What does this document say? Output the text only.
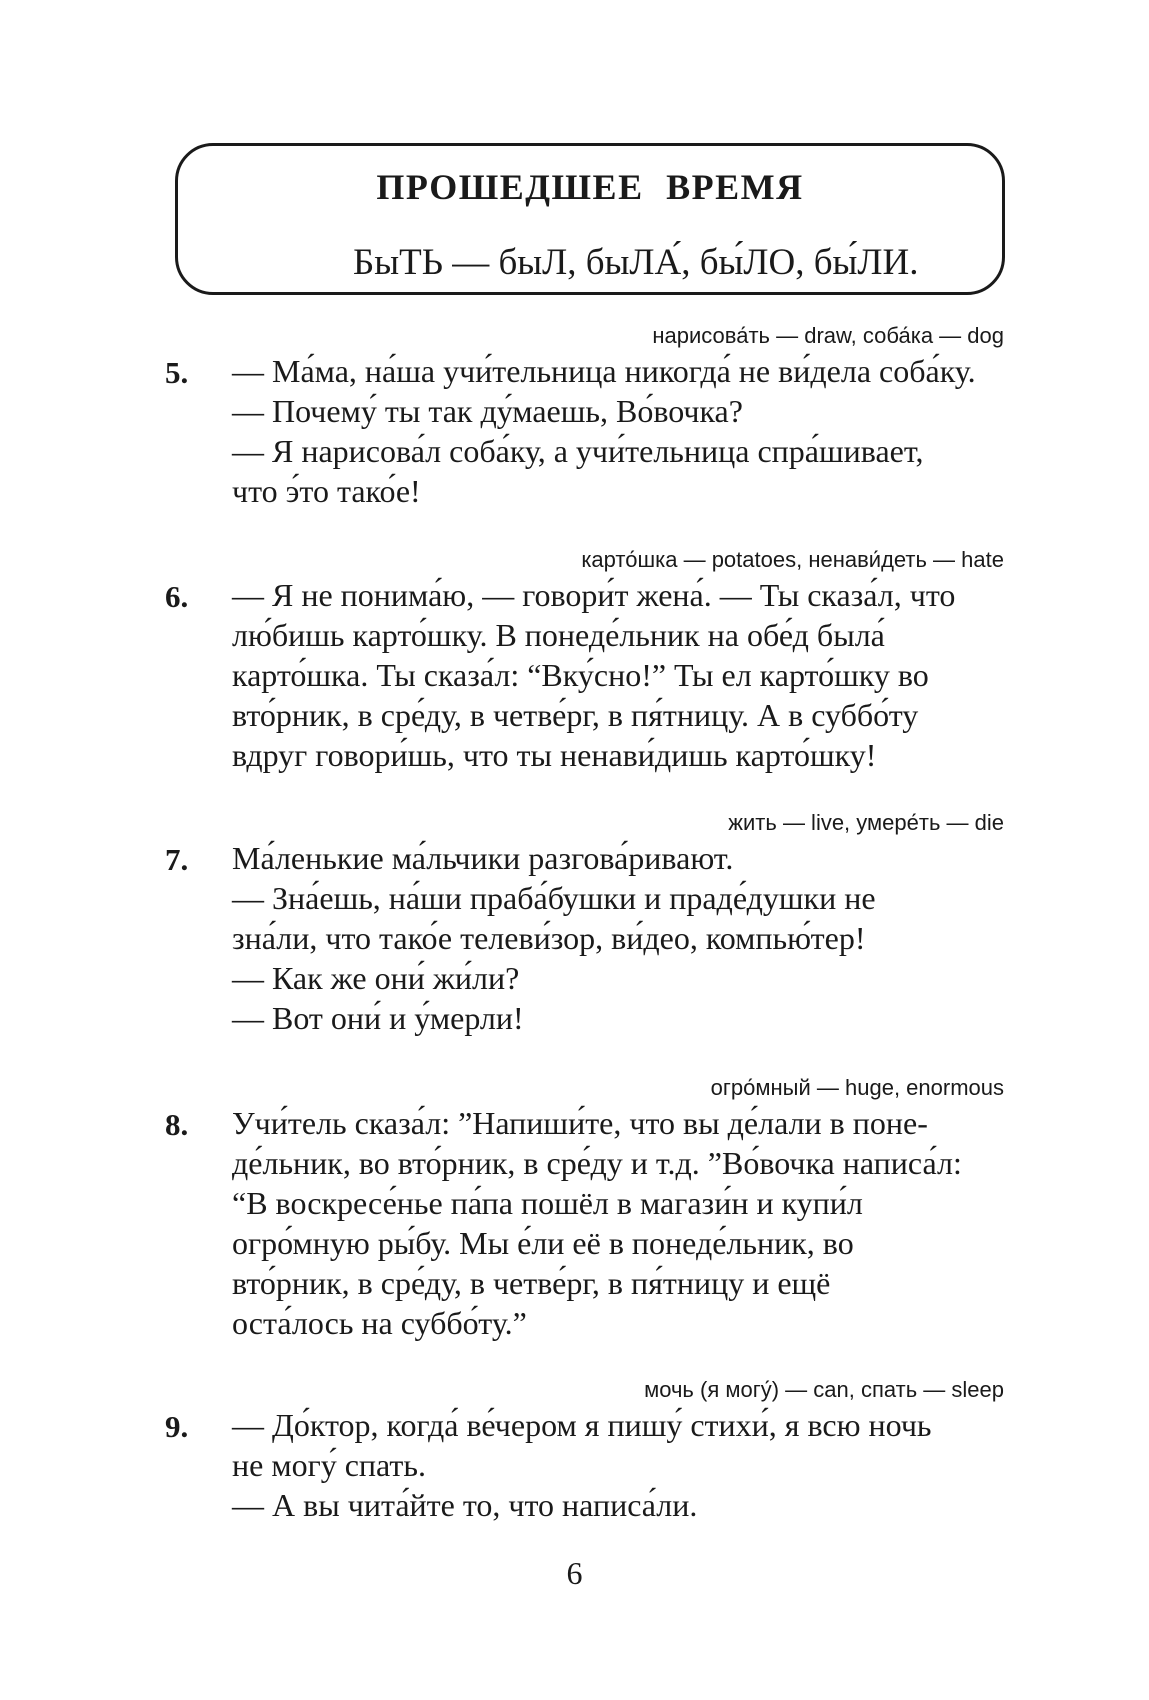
ПРОШЕДШЕЕ ВРЕМЯ
БыТЬ — быЛ, быЛА́, бы́ЛО, бы́ЛИ.
нарисова́ть — draw, соба́ка — dog
5. — Ма́ма, на́ша учи́тельница никогда́ не ви́дела соба́ку.
— Почему́ ты так ду́маешь, Во́вочка?
— Я нарисова́л соба́ку, а учи́тельница спра́шивает,
что э́то тако́е!
карто́шка — potatoes, ненави́деть — hate
6. — Я не понима́ю, — говори́т жена́. — Ты сказа́л, что
лю́бишь карто́шку. В понеде́льник на обе́д была́
карто́шка. Ты сказа́л: “Вку́сно!” Ты ел карто́шку во
вто́рник, в сре́ду, в четве́рг, в пя́тницу. А в суббо́ту
вдруг говори́шь, что ты ненави́дишь карто́шку!
жить — live, умере́ть — die
7. Ма́ленькие ма́льчики разгова́ривают.
— Зна́ешь, на́ши праба́бушки и праде́душки не
зна́ли, что тако́е телеви́зор, ви́део, компью́тер!
— Как же они́ жи́ли?
— Вот они́ и у́мерли!
огро́мный — huge, enormous
8. Учи́тель сказа́л: ”Напиши́те, что вы де́лали в поне-
де́льник, во вто́рник, в сре́ду и т.д. ”Во́вочка написа́л:
“В воскресе́нье па́па пошёл в магази́н и купи́л
огро́мную ры́бу. Мы е́ли её в понеде́льник, во
вто́рник, в сре́ду, в четве́рг, в пя́тницу и ещё
оста́лось на суббо́ту.”
мочь (я могу́) — can, спать — sleep
9. — До́ктор, когда́ ве́чером я пишу́ стихи́, я всю ночь
не могу́ спать.
— А вы чита́йте то, что написа́ли.
6
